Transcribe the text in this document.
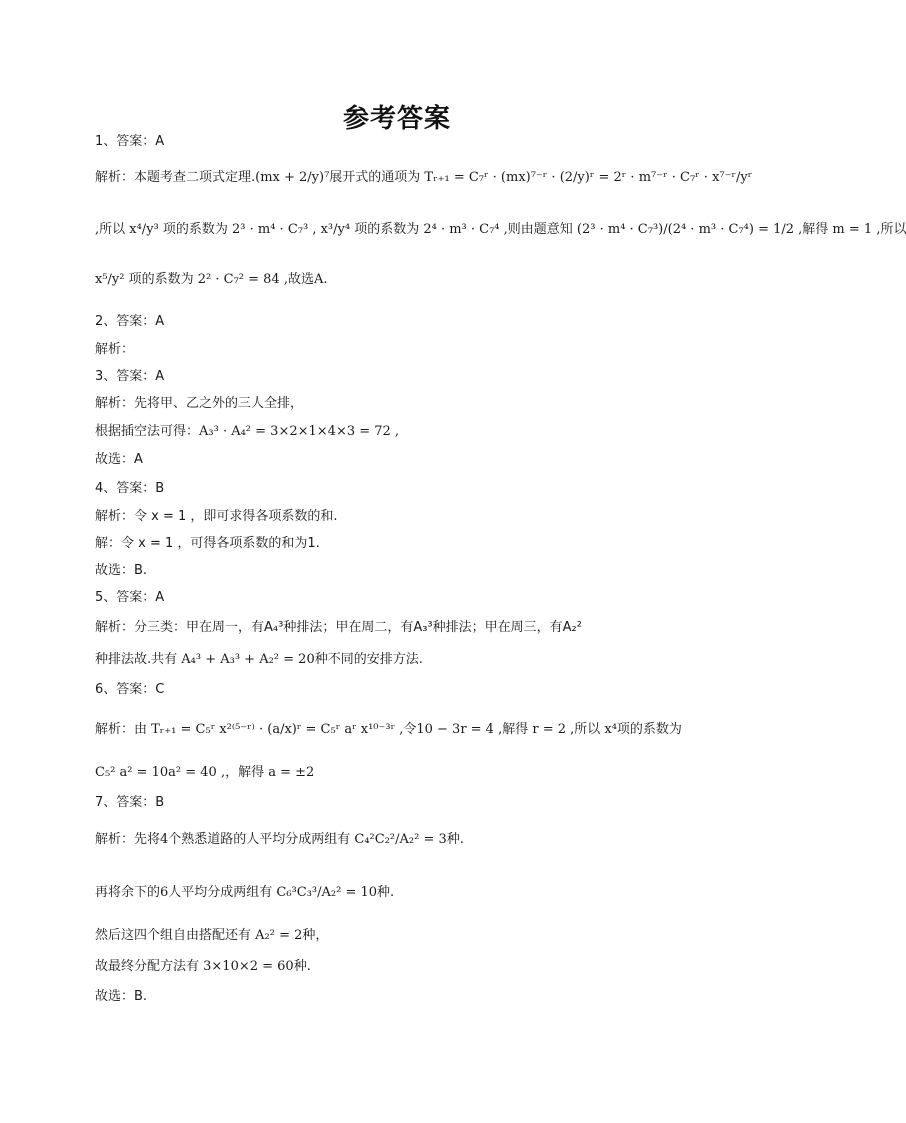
参考答案
1、答案：A
解析：本题考查二项式定理.(mx + 2/y)⁷展开式的通项为 Tᵣ₊₁ = C₇ʳ · (mx)⁷⁻ʳ · (2/y)ʳ = 2ʳ · m⁷⁻ʳ · C₇ʳ · x⁷⁻ʳ/yʳ
,所以 x⁴/y³ 项的系数为 2³ · m⁴ · C₇³ , x³/y⁴ 项的系数为 2⁴ · m³ · C₇⁴ ,则由题意知 (2³ · m⁴ · C₇³)/(2⁴ · m³ · C₇⁴) = 1/2 ,解得 m = 1 ,所以
x⁵/y² 项的系数为 2² · C₇² = 84 ,故选A.
2、答案：A
解析：
3、答案：A
解析：先将甲、乙之外的三人全排，
根据插空法可得：A₃³ · A₄² = 3×2×1×4×3 = 72 ,
故选：A
4、答案：B
解析：令 x = 1 ，即可求得各项系数的和.
解：令 x = 1 ，可得各项系数的和为1.
故选：B.
5、答案：A
解析：分三类：甲在周一，有A₄³种排法；甲在周二，有A₃³种排法；甲在周三，有A₂²
种排法故.共有 A₄³ + A₃³ + A₂² = 20种不同的安排方法.
6、答案：C
解析：由 Tᵣ₊₁ = C₅ʳ x²⁽⁵⁻ʳ⁾ · (a/x)ʳ = C₅ʳ aʳ x¹⁰⁻³ʳ ,令10 − 3r = 4 ,解得 r = 2 ,所以 x⁴项的系数为
C₅² a² = 10a² = 40 ,，解得 a = ±2
7、答案：B
解析：先将4个熟悉道路的人平均分成两组有 C₄²C₂²/A₂² = 3种.
再将余下的6人平均分成两组有 C₆³C₃³/A₂² = 10种.
然后这四个组自由搭配还有 A₂² = 2种，
故最终分配方法有 3×10×2 = 60种.
故选：B.
